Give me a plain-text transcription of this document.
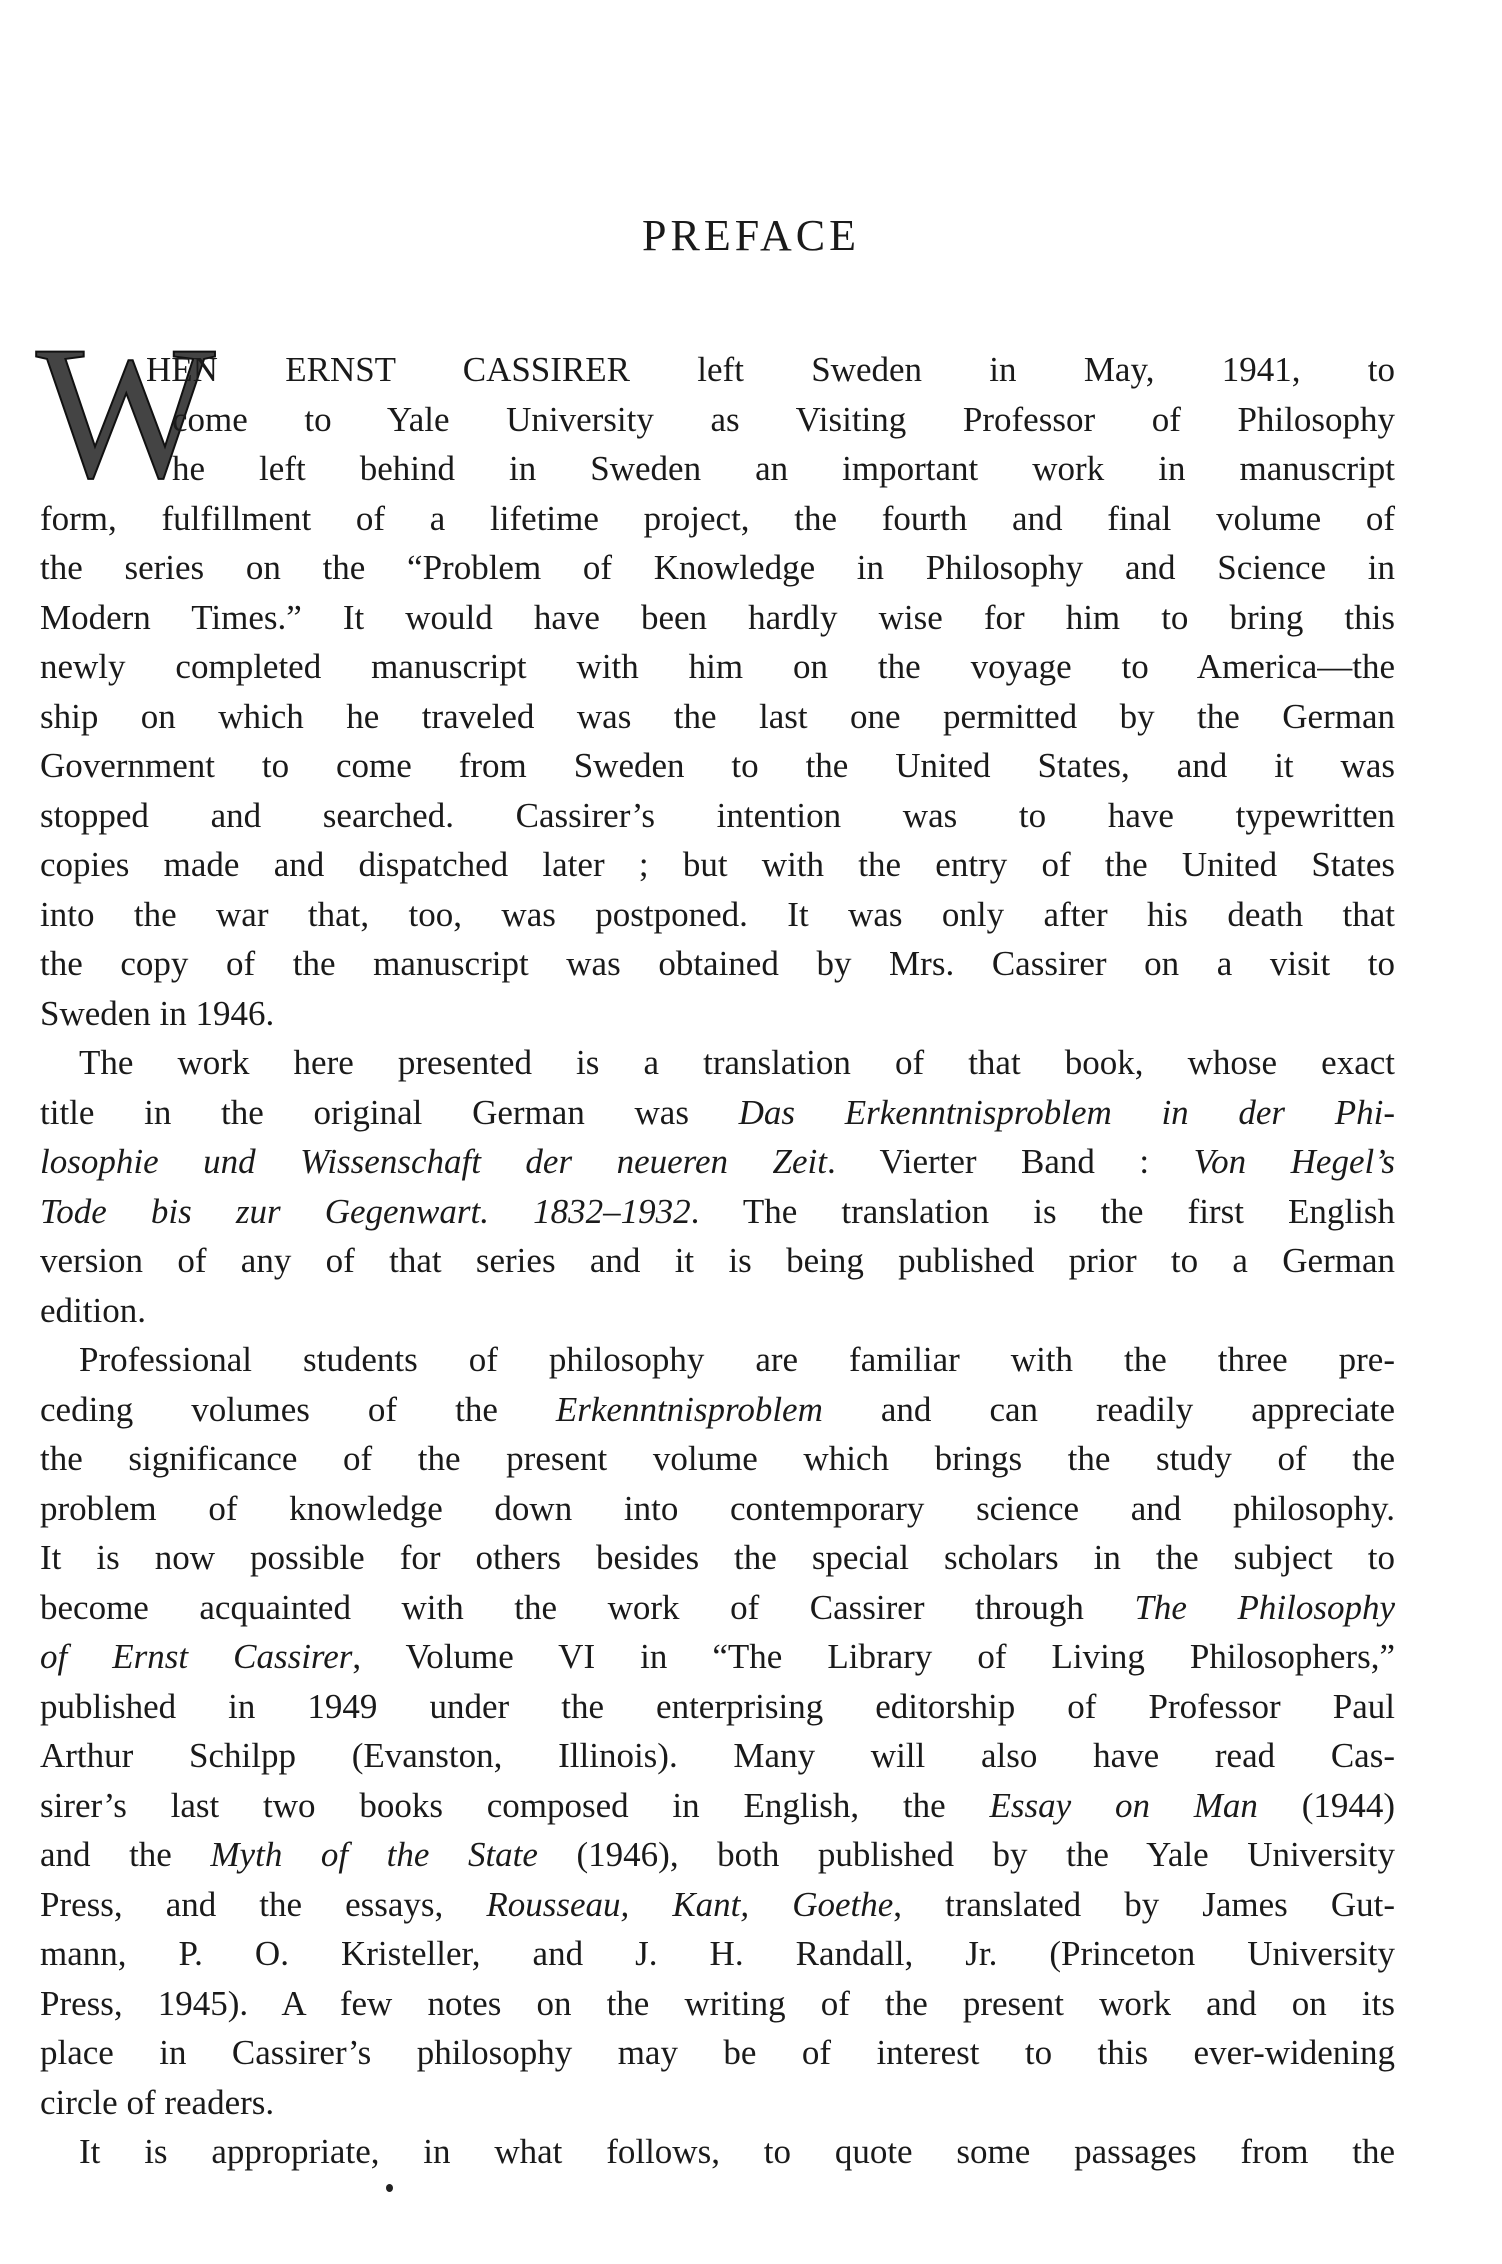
PREFACE
W
HEN ERNST CASSIRER left Sweden in May, 1941, to
come to Yale University as Visiting Professor of Philosophy
he left behind in Sweden an important work in manuscript
form, fulfillment of a lifetime project, the fourth and final volume of
the series on the “Problem of Knowledge in Philosophy and Science in
Modern Times.” It would have been hardly wise for him to bring this
newly completed manuscript with him on the voyage to America—the
ship on which he traveled was the last one permitted by the German
Government to come from Sweden to the United States, and it was
stopped and searched. Cassirer’s intention was to have typewritten
copies made and dispatched later ; but with the entry of the United States
into the war that, too, was postponed. It was only after his death that
the copy of the manuscript was obtained by Mrs. Cassirer on a visit to
Sweden in 1946.
The work here presented is a translation of that book, whose exact
title in the original German was Das Erkenntnisproblem in der Phi-
losophie und Wissenschaft der neueren Zeit. Vierter Band : Von Hegel’s
Tode bis zur Gegenwart. 1832–1932. The translation is the first English
version of any of that series and it is being published prior to a German
edition.
Professional students of philosophy are familiar with the three pre-
ceding volumes of the Erkenntnisproblem and can readily appreciate
the significance of the present volume which brings the study of the
problem of knowledge down into contemporary science and philosophy.
It is now possible for others besides the special scholars in the subject to
become acquainted with the work of Cassirer through The Philosophy
of Ernst Cassirer, Volume VI in “The Library of Living Philosophers,”
published in 1949 under the enterprising editorship of Professor Paul
Arthur Schilpp (Evanston, Illinois). Many will also have read Cas-
sirer’s last two books composed in English, the Essay on Man (1944)
and the Myth of the State (1946), both published by the Yale University
Press, and the essays, Rousseau, Kant, Goethe, translated by James Gut-
mann, P. O. Kristeller, and J. H. Randall, Jr. (Princeton University
Press, 1945). A few notes on the writing of the present work and on its
place in Cassirer’s philosophy may be of interest to this ever-widening
circle of readers.
It is appropriate, in what follows, to quote some passages from the
